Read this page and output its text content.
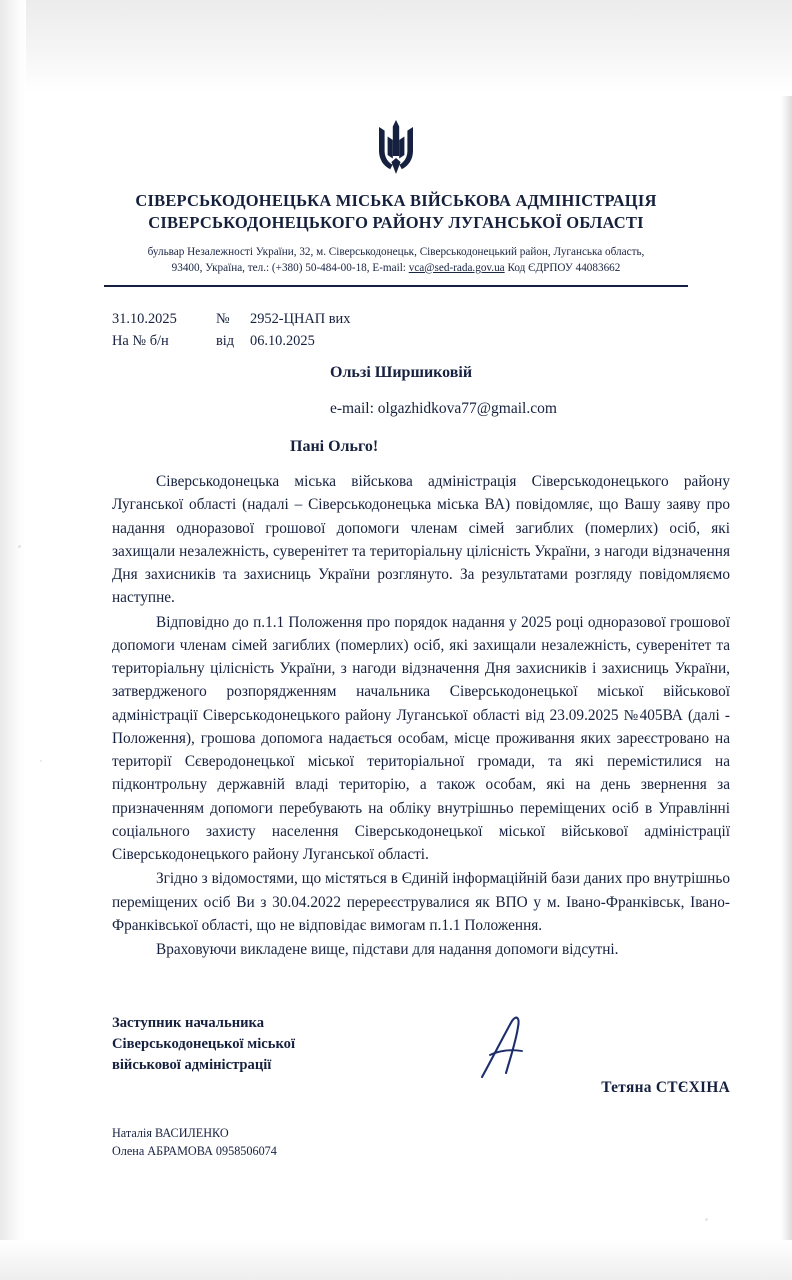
СІВЕРСЬКОДОНЕЦЬКА МІСЬКА ВІЙСЬКОВА АДМІНІСТРАЦІЯ
СІВЕРСЬКОДОНЕЦЬКОГО РАЙОНУ ЛУГАНСЬКОЇ ОБЛАСТІ
бульвар Незалежності України, 32, м. Сіверськодонецьк, Сіверськодонецький район, Луганська область,
93400, Україна, тел.: (+380) 50-484-00-18, E-mail: vca@sed-rada.gov.ua Код ЄДРПОУ 44083662
31.10.2025	№	2952-ЦНАП вих
На № б/н	від	06.10.2025
Ользі Ширшиковій
e-mail: olgazhidkova77@gmail.com
Пані Ольго!

Сіверськодонецька міська військова адміністрація Сіверськодонецького району Луганської області (надалі – Сіверськодонецька міська ВА) повідомляє, що Вашу заяву про надання одноразової грошової допомоги членам сімей загиблих (померлих) осіб, які захищали незалежність, суверенітет та територіальну цілісність України, з нагоди відзначення Дня захисників та захисниць України розглянуто. За результатами розгляду повідомляємо наступне.

Відповідно до п.1.1 Положення про порядок надання у 2025 році одноразової грошової допомоги членам сімей загиблих (померлих) осіб, які захищали незалежність, суверенітет та територіальну цілісність України, з нагоди відзначення Дня захисників і захисниць України, затвердженого розпорядженням начальника Сіверськодонецької міської військової адміністрації Сіверськодонецького району Луганської області від 23.09.2025 №405ВА (далі - Положення), грошова допомога надається особам, місце проживання яких зареєстровано на території Сєверодонецької міської територіальної громади, та які перемістилися на підконтрольну державній владі територію, а також особам, які на день звернення за призначенням допомоги перебувають на обліку внутрішньо переміщених осіб в Управлінні соціального захисту населення Сіверськодонецької міської військової адміністрації Сіверськодонецького району Луганської області.

Згідно з відомостями, що містяться в Єдиній інформаційній бази даних про внутрішньо переміщених осіб Ви з 30.04.2022 перереєструвалися як ВПО у м. Івано-Франківськ, Івано-Франківської області, що не відповідає вимогам п.1.1 Положення.

Враховуючи викладене вище, підстави для надання допомоги відсутні.

Заступник начальника
Сіверськодонецької міської
військової адміністрації
Тетяна СТЄХІНА
Наталія ВАСИЛЕНКО
Олена АБРАМОВА 0958506074
